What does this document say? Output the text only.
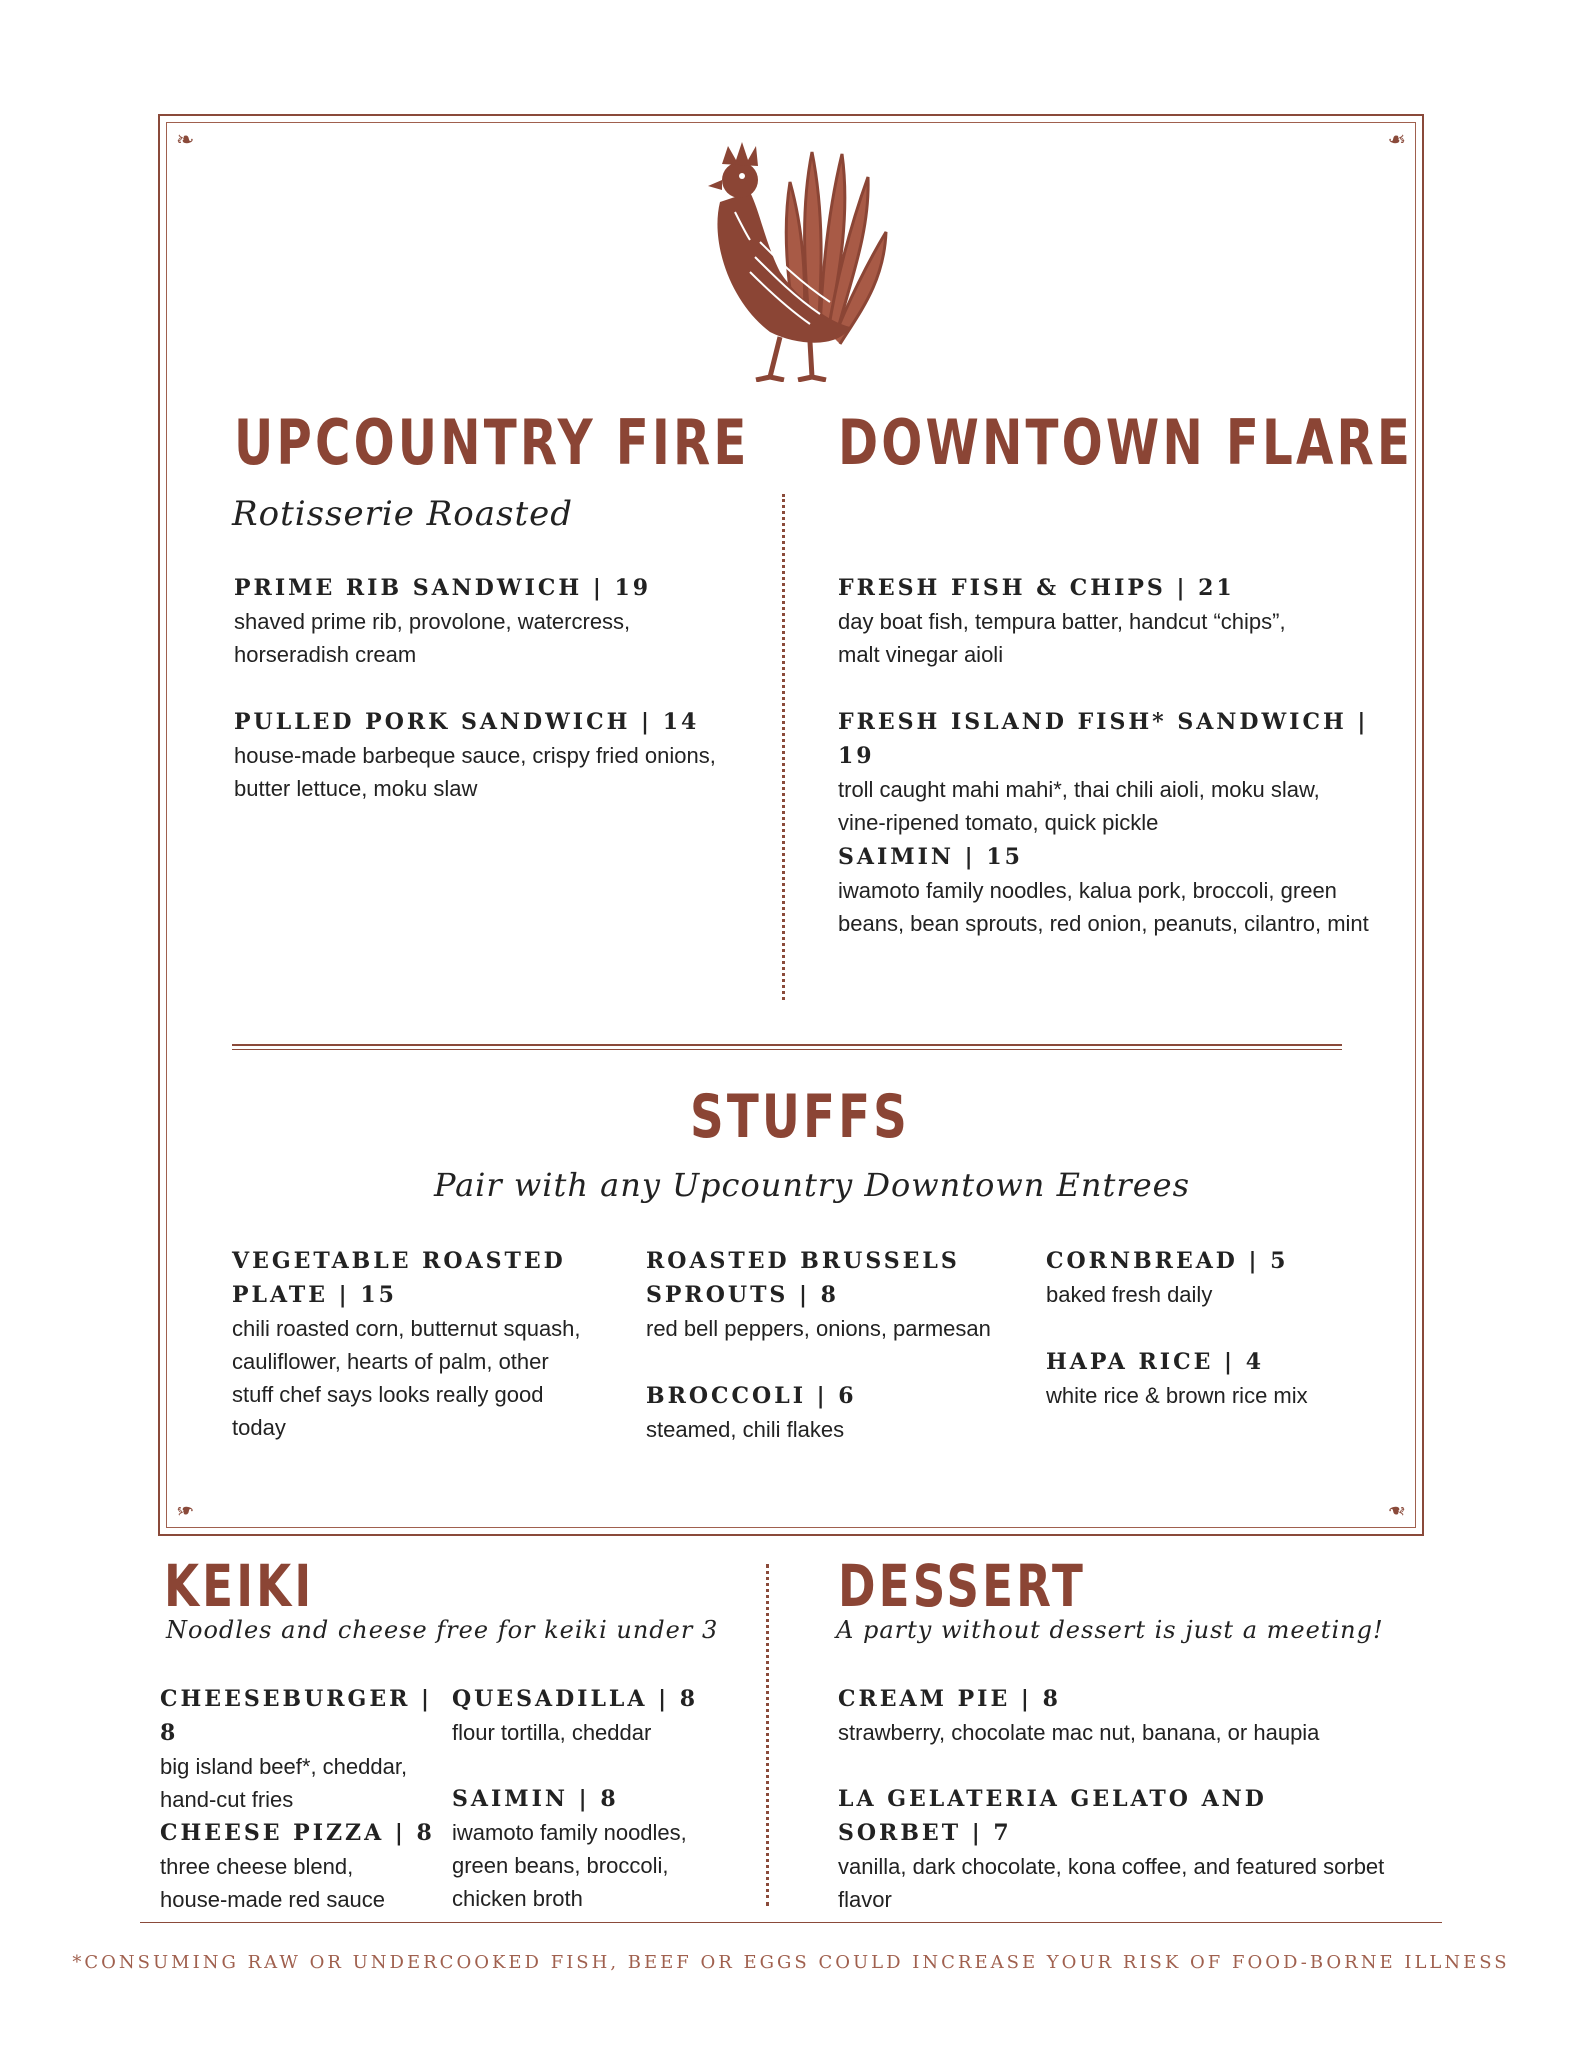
❧	❧
❧	❧
UPCOUNTRY FIRE
Rotisserie Roasted
PRIME RIB SANDWICH | 19
shaved prime rib, provolone, watercress,
horseradish cream
PULLED PORK SANDWICH | 14
house-made barbeque sauce, crispy fried onions,
butter lettuce, moku slaw
DOWNTOWN FLARE
FRESH FISH & CHIPS | 21
day boat fish, tempura batter, handcut “chips”,
malt vinegar aioli
FRESH ISLAND FISH* SANDWICH | 19
troll caught mahi mahi*, thai chili aioli, moku slaw,
vine-ripened tomato, quick pickle
SAIMIN | 15
iwamoto family noodles, kalua pork, broccoli, green
beans, bean sprouts, red onion, peanuts, cilantro, mint
STUFFS
Pair with any Upcountry Downtown Entrees
VEGETABLE ROASTED
PLATE | 15
chili roasted corn, butternut squash,
cauliflower, hearts of palm, other
stuff chef says looks really good
today
ROASTED BRUSSELS
SPROUTS | 8
red bell peppers, onions, parmesan
BROCCOLI | 6
steamed, chili flakes
CORNBREAD | 5
baked fresh daily
HAPA RICE | 4
white rice & brown rice mix
KEIKI
Noodles and cheese free for keiki under 3
CHEESEBURGER | 8
big island beef*, cheddar,
hand-cut fries
CHEESE PIZZA | 8
three cheese blend,
house-made red sauce
QUESADILLA | 8
flour tortilla, cheddar
SAIMIN | 8
iwamoto family noodles,
green beans, broccoli,
chicken broth
DESSERT
A party without dessert is just a meeting!
CREAM PIE | 8
strawberry, chocolate mac nut, banana, or haupia
LA GELATERIA GELATO AND SORBET | 7
vanilla, dark chocolate, kona coffee, and featured sorbet
flavor
*CONSUMING RAW OR UNDERCOOKED FISH, BEEF OR EGGS COULD INCREASE YOUR RISK OF FOOD-BORNE ILLNESS
